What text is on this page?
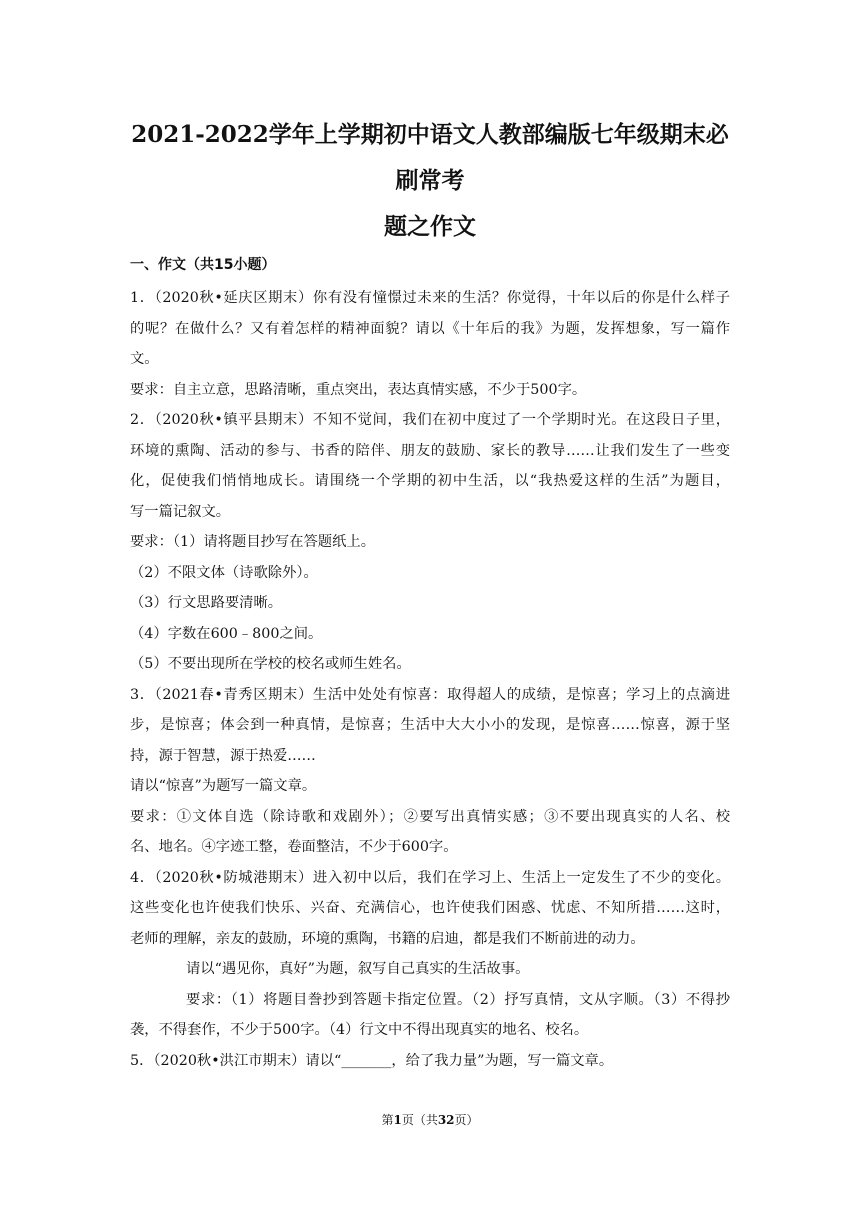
2021-2022学年上学期初中语文人教部编版七年级期末必刷常考
题之作文
一、作文（共15小题）
1．（2020秋•延庆区期末）你有没有憧憬过未来的生活？你觉得，十年以后的你是什么样子
的呢？在做什么？又有着怎样的精神面貌？请以《十年后的我》为题，发挥想象，写一篇作
文。
要求：自主立意，思路清晰，重点突出，表达真情实感，不少于500字。
2．（2020秋•镇平县期末）不知不觉间，我们在初中度过了一个学期时光。在这段日子里，
环境的熏陶、活动的参与、书香的陪伴、朋友的鼓励、家长的教导……让我们发生了一些变
化，促使我们悄悄地成长。请围绕一个学期的初中生活，以“我热爱这样的生活”为题目，
写一篇记叙文。
要求：（1）请将题目抄写在答题纸上。
（2）不限文体（诗歌除外）。
（3）行文思路要清晰。
（4）字数在600﹣800之间。
（5）不要出现所在学校的校名或师生姓名。
3．（2021春•青秀区期末）生活中处处有惊喜：取得超人的成绩，是惊喜；学习上的点滴进
步，是惊喜；体会到一种真情，是惊喜；生活中大大小小的发现，是惊喜……惊喜，源于坚
持，源于智慧，源于热爱……
请以“惊喜”为题写一篇文章。
要求：①文体自选（除诗歌和戏剧外）；②要写出真情实感；③不要出现真实的人名、校
名、地名。④字迹工整，卷面整洁，不少于600字。
4．（2020秋•防城港期末）进入初中以后，我们在学习上、生活上一定发生了不少的变化。
这些变化也许使我们快乐、兴奋、充满信心，也许使我们困惑、忧虑、不知所措……这时，
老师的理解，亲友的鼓励，环境的熏陶，书籍的启迪，都是我们不断前进的动力。
请以“遇见你，真好”为题，叙写自己真实的生活故事。
要求：（1）将题目誊抄到答题卡指定位置。（2）抒写真情，文从字顺。（3）不得抄
袭，不得套作，不少于500字。（4）行文中不得出现真实的地名、校名。
5．（2020秋•洪江市期末）请以“_______，给了我力量”为题，写一篇文章。
第1页（共32页）
